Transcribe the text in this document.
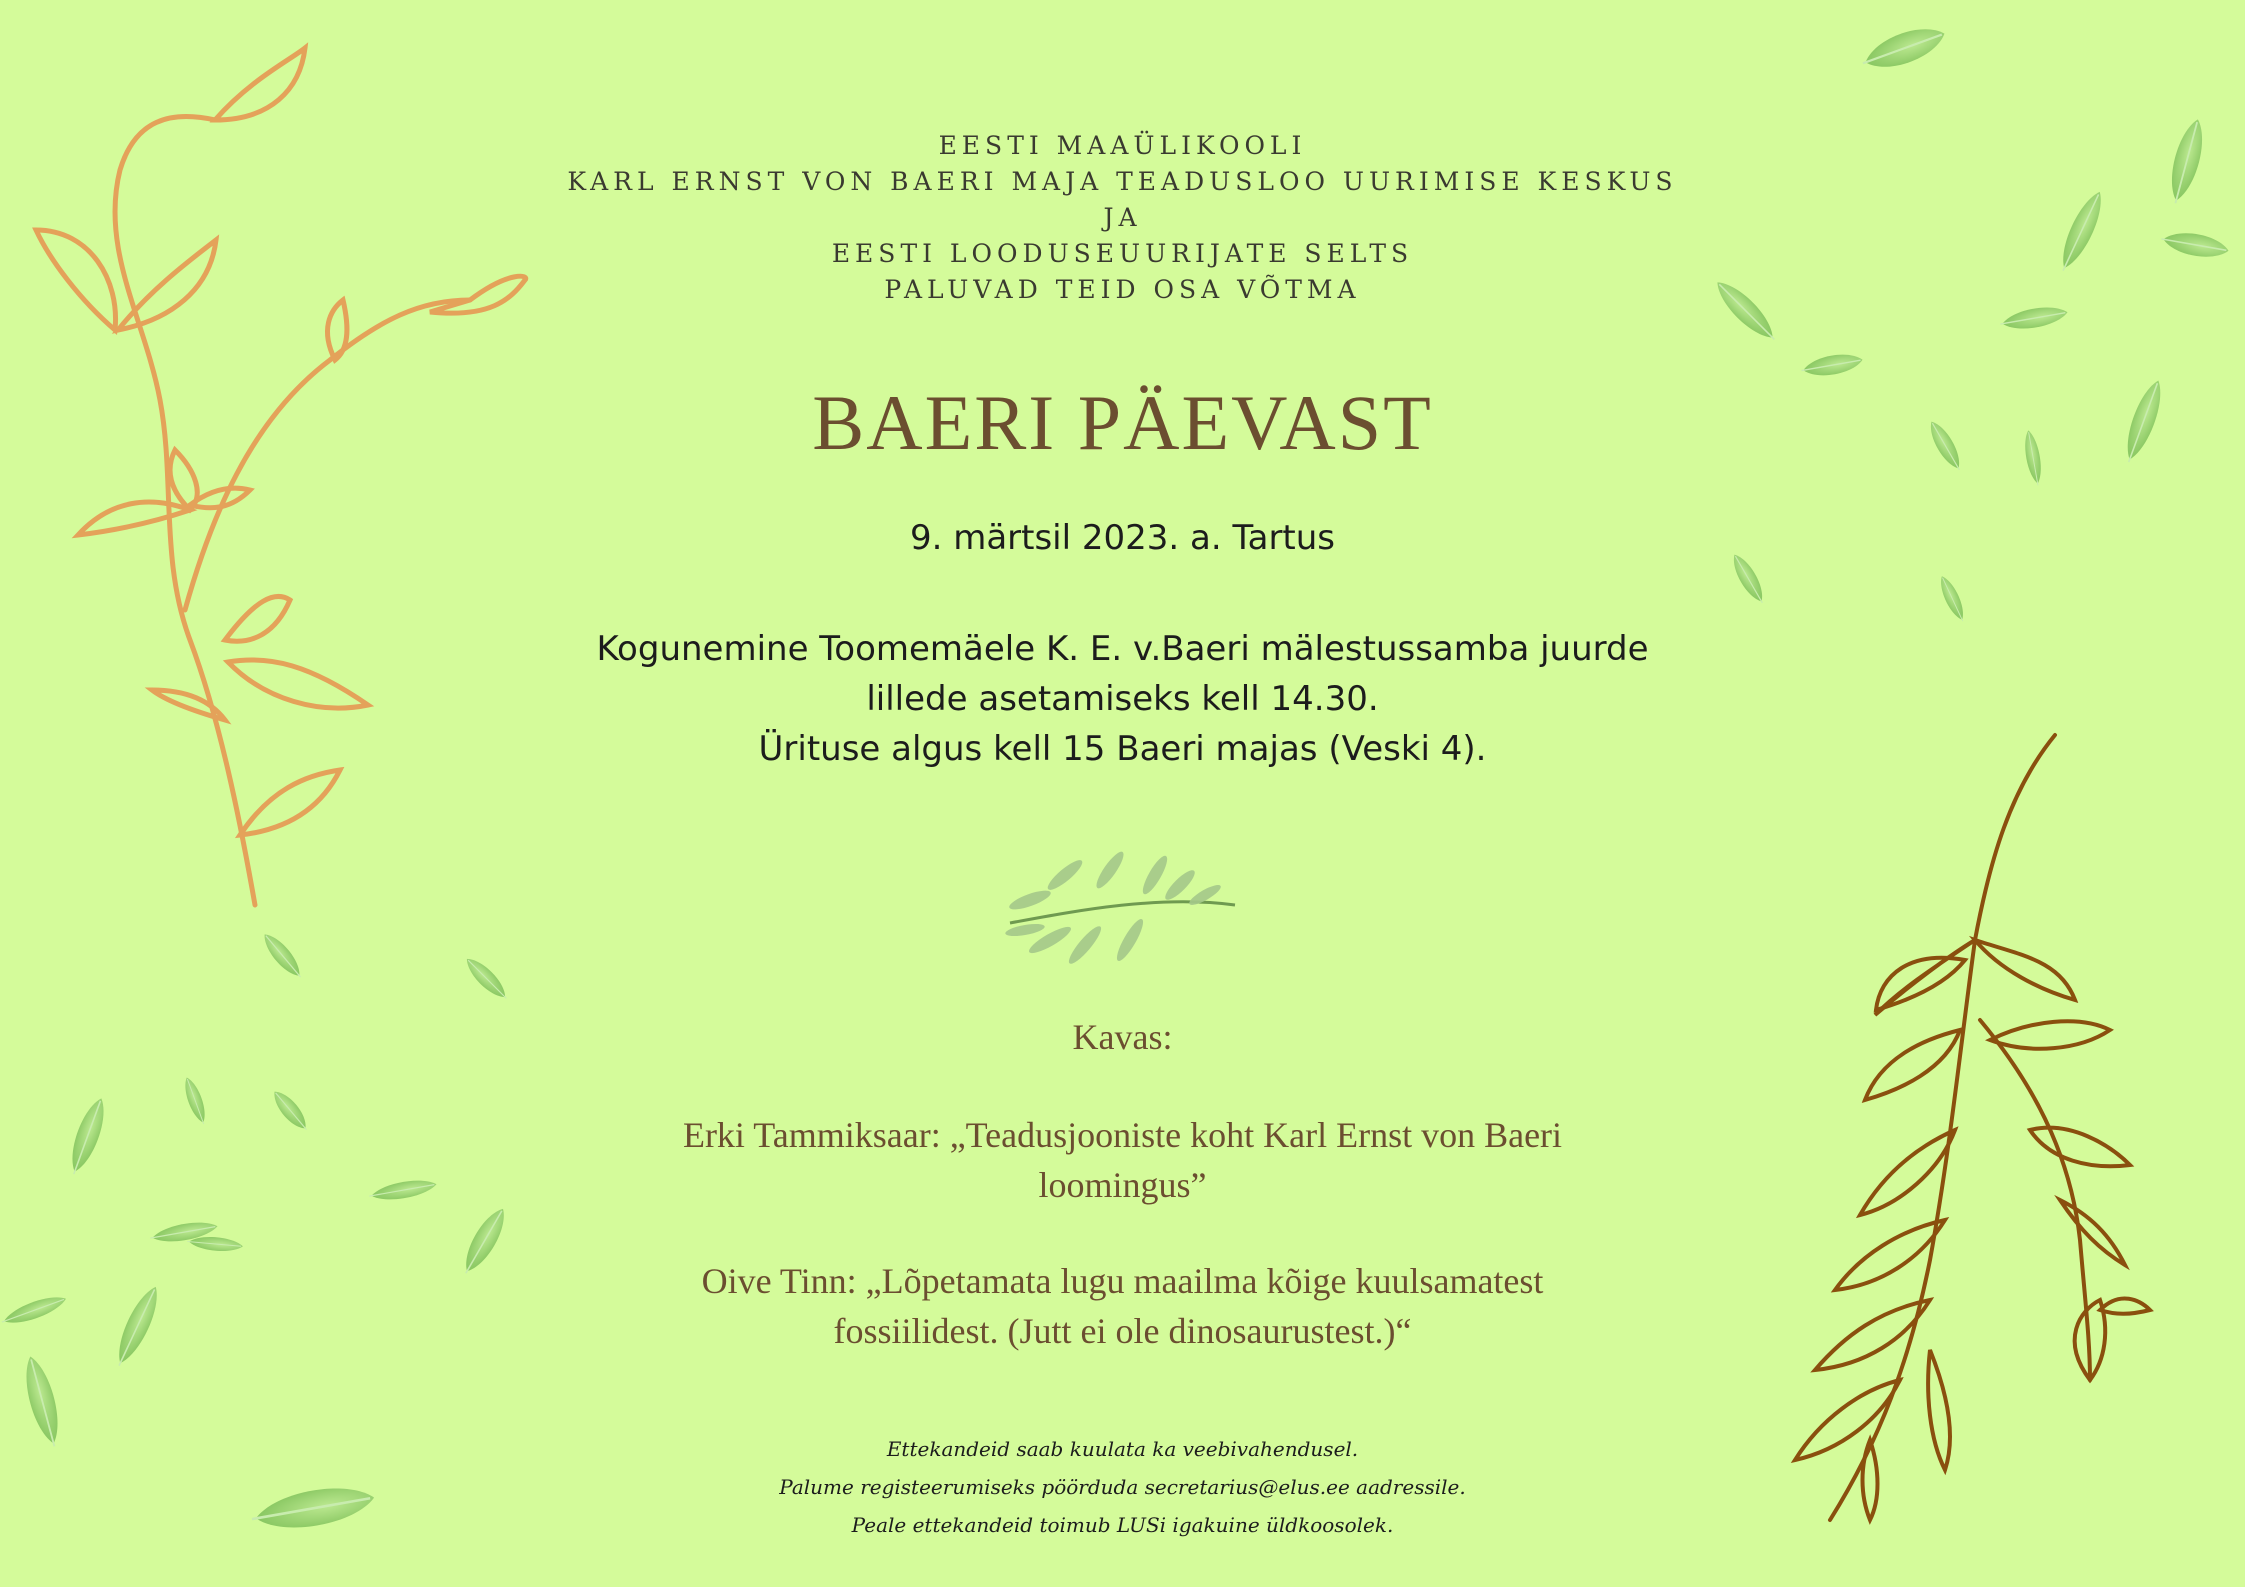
EESTI MAAÜLIKOOLI
KARL ERNST VON BAERI MAJA TEADUSLOO UURIMISE KESKUS
JA
EESTI LOODUSEUURIJATE SELTS
PALUVAD TEID OSA VÕTMA
BAERI PÄEVAST
9. märtsil 2023. a. Tartus
Kogunemine Toomemäele K. E. v.Baeri mälestussamba juurde
lillede asetamiseks kell 14.30.
Ürituse algus kell 15 Baeri majas (Veski 4).
Kavas:
Erki Tammiksaar: „Teadusjooniste koht Karl Ernst von Baeri
loomingus”
Oive Tinn: „Lõpetamata lugu maailma kõige kuulsamatest
fossiilidest. (Jutt ei ole dinosaurustest.)“
Ettekandeid saab kuulata ka veebivahendusel.
Palume registeerumiseks pöörduda secretarius@elus.ee aadressile.
Peale ettekandeid toimub LUSi igakuine üldkoosolek.
